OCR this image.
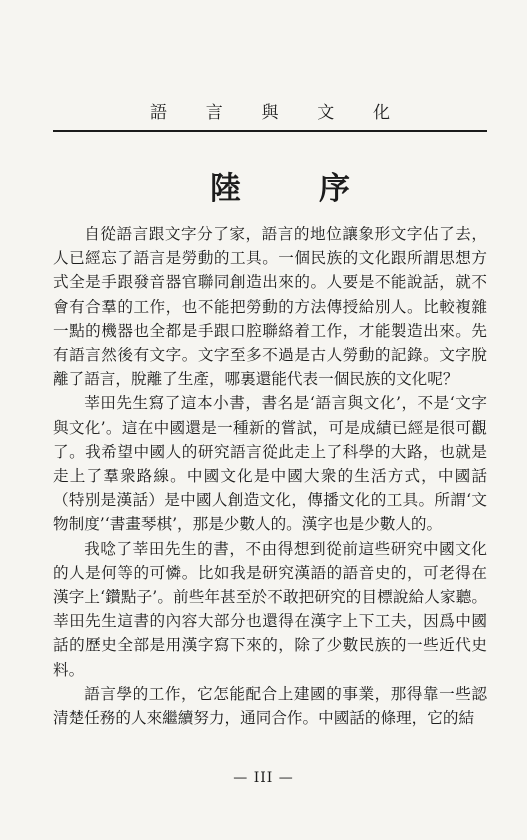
語 言 與 文 化
陸	序

自從語言跟文字分了家，語言的地位讓象形文字佔了去，人已經忘了語言是勞動的工具。一個民族的文化跟所謂思想方式全是手跟發音器官聯同創造出來的。人要是不能說話，就不會有合羣的工作，也不能把勞動的方法傳授給別人。比較複雜一點的機器也全都是手跟口腔聯絡着工作，才能製造出來。先有語言然後有文字。文字至多不過是古人勞動的記錄。文字脫離了語言，脫離了生產，哪裏還能代表一個民族的文化呢？

莘田先生寫了這本小書，書名是‘語言與文化’，不是‘文字與文化’。這在中國還是一種新的嘗試，可是成績已經是很可觀了。我希望中國人的研究語言從此走上了科學的大路，也就是走上了羣衆路線。中國文化是中國大衆的生活方式，中國話（特別是漢話）是中國人創造文化，傳播文化的工具。所謂‘文物制度’‘書畫琴棋’，那是少數人的。漢字也是少數人的。

我唸了莘田先生的書，不由得想到從前這些研究中國文化的人是何等的可憐。比如我是研究漢語的語音史的，可老得在漢字上‘鑽點子’。前些年甚至於不敢把研究的目標說給人家聽。莘田先生這書的內容大部分也還得在漢字上下工夫，因爲中國話的歷史全部是用漢字寫下來的，除了少數民族的一些近代史料。

語言學的工作，它怎能配合上建國的事業，那得靠一些認清楚任務的人來繼續努力，通同合作。中國話的條理，它的結

— III —
